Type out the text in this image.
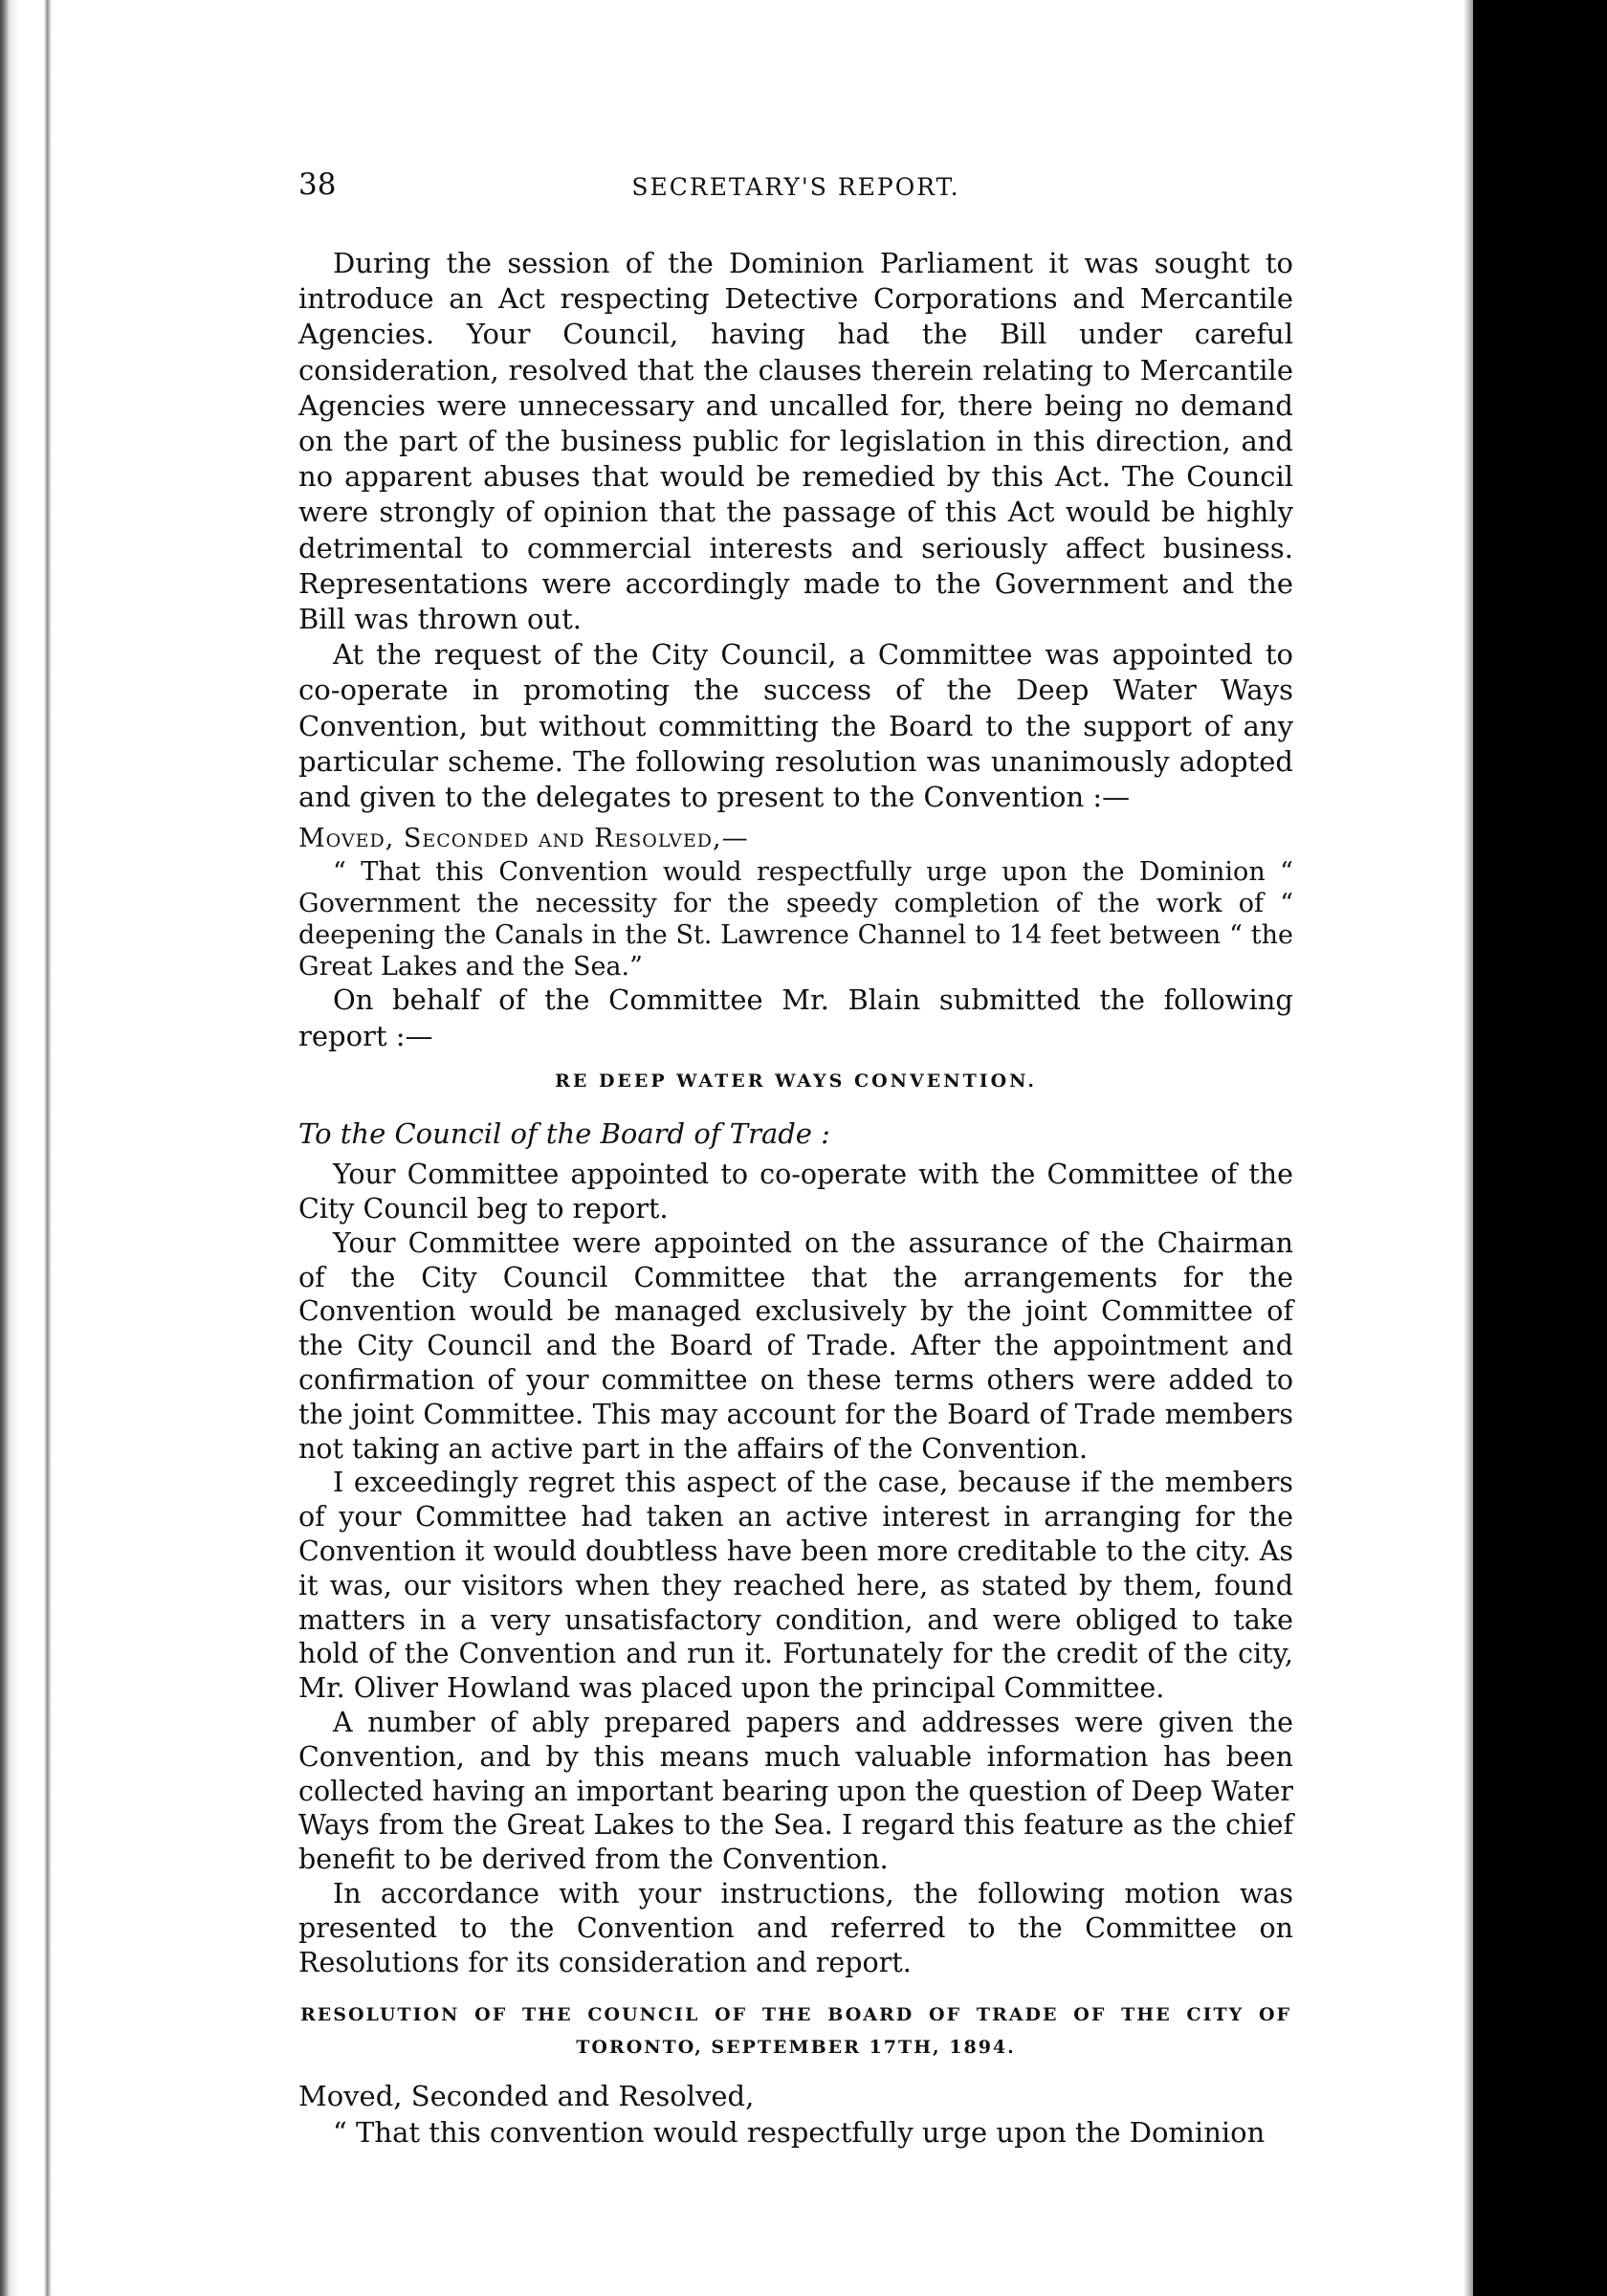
38	SECRETARY'S REPORT.

During the session of the Dominion Parliament it was sought to introduce an Act respecting Detective Corporations and Mercantile Agencies. Your Council, having had the Bill under careful consideration, resolved that the clauses therein relating to Mercantile Agencies were unnecessary and uncalled for, there being no demand on the part of the business public for legislation in this direction, and no apparent abuses that would be remedied by this Act. The Council were strongly of opinion that the passage of this Act would be highly detrimental to commercial interests and seriously affect business. Representations were accordingly made to the Government and the Bill was thrown out.

At the request of the City Council, a Committee was appointed to co-operate in promoting the success of the Deep Water Ways Convention, but without committing the Board to the support of any particular scheme. The following resolution was unanimously adopted and given to the delegates to present to the Convention :—

Moved, Seconded and Resolved,—

“ That this Convention would respectfully urge upon the Dominion “ Government the necessity for the speedy completion of the work of “ deepening the Canals in the St. Lawrence Channel to 14 feet between “ the Great Lakes and the Sea.”

On behalf of the Committee Mr. Blain submitted the following report :—

RE DEEP WATER WAYS CONVENTION.

To the Council of the Board of Trade :

Your Committee appointed to co-operate with the Committee of the City Council beg to report.

Your Committee were appointed on the assurance of the Chairman of the City Council Committee that the arrangements for the Convention would be managed exclusively by the joint Committee of the City Council and the Board of Trade. After the appointment and confirmation of your committee on these terms others were added to the joint Committee. This may account for the Board of Trade members not taking an active part in the affairs of the Convention.

I exceedingly regret this aspect of the case, because if the members of your Committee had taken an active interest in arranging for the Convention it would doubtless have been more creditable to the city. As it was, our visitors when they reached here, as stated by them, found matters in a very unsatisfactory condition, and were obliged to take hold of the Convention and run it. Fortunately for the credit of the city, Mr. Oliver Howland was placed upon the principal Committee.

A number of ably prepared papers and addresses were given the Convention, and by this means much valuable information has been collected having an important bearing upon the question of Deep Water Ways from the Great Lakes to the Sea. I regard this feature as the chief benefit to be derived from the Convention.

In accordance with your instructions, the following motion was presented to the Convention and referred to the Committee on Resolutions for its consideration and report.

RESOLUTION OF THE COUNCIL OF THE BOARD OF TRADE OF THE CITY OF
TORONTO, SEPTEMBER 17TH, 1894.

Moved, Seconded and Resolved,

“ That this convention would respectfully urge upon the Dominion
